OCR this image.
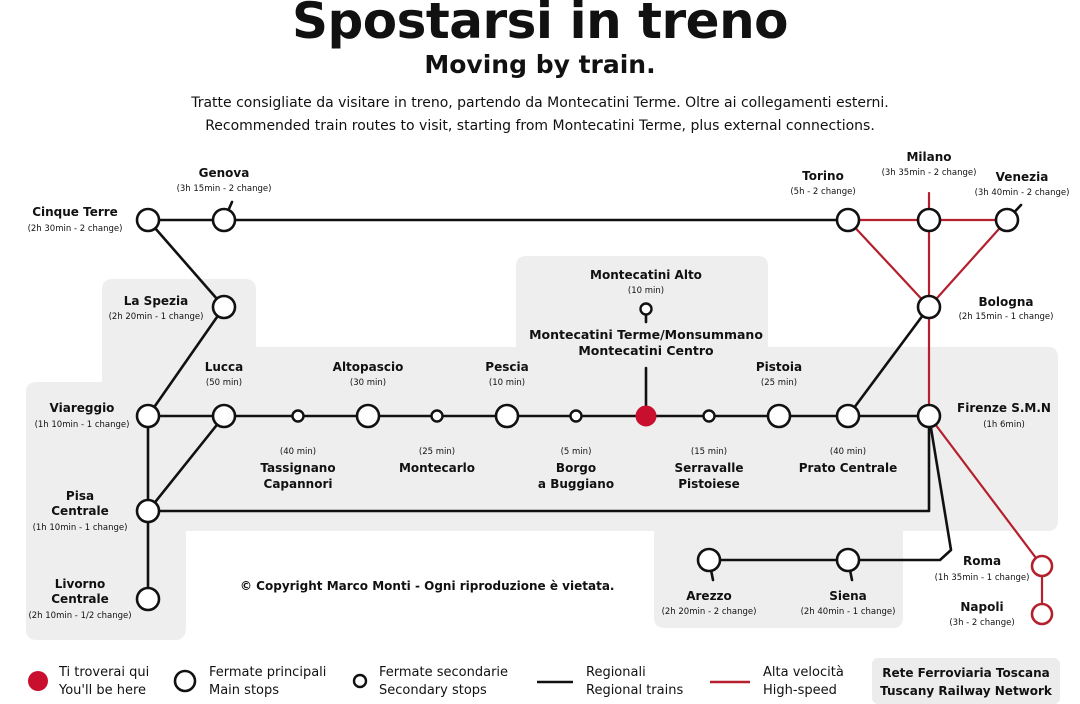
Spostarsi in treno
Moving by train.
Tratte consigliate da visitare in treno, partendo da Montecatini Terme. Oltre ai collegamenti esterni.
Recommended train routes to visit, starting from Montecatini Terme, plus external connections.
Genova
(3h 15min - 2 change)
Cinque Terre
(2h 30min - 2 change)
Torino
(5h - 2 change)
Milano
(3h 35min - 2 change) Venezia
(3h 40min - 2 change)
La Spezia
(2h 20min - 1 change)
Bologna
(2h 15min - 1 change)
Montecatini Alto
(10 min)
Montecatini Terme/Monsummano
Montecatini Centro
Lucca
(50 min)
Altopascio
(30 min)
Pescia
(10 min)
Pistoia
(25 min)
Viareggio
(1h 10min - 1 change)
Firenze S.M.N
(1h 6min)
(40 min)
Tassignano
Capannori
(25 min)
Montecarlo
(5 min)
Borgo
a Buggiano
(15 min)
Serravalle
Pistoiese
(40 min)
Prato Centrale
Pisa
Centrale
(1h 10min - 1 change)
Livorno
Centrale
(2h 10min - 1/2 change)
Arezzo
(2h 20min - 2 change)
Siena
(2h 40min - 1 change)
Roma
(1h 35min - 1 change)
Napoli
(3h - 2 change)
© Copyright Marco Monti - Ogni riproduzione è vietata.
Ti troverai qui
You'll be here
Fermate principali
Main stops
Fermate secondarie
Secondary stops
Regionali
Regional trains
Alta velocità
High-speed
Rete Ferroviaria Toscana
Tuscany Railway Network
